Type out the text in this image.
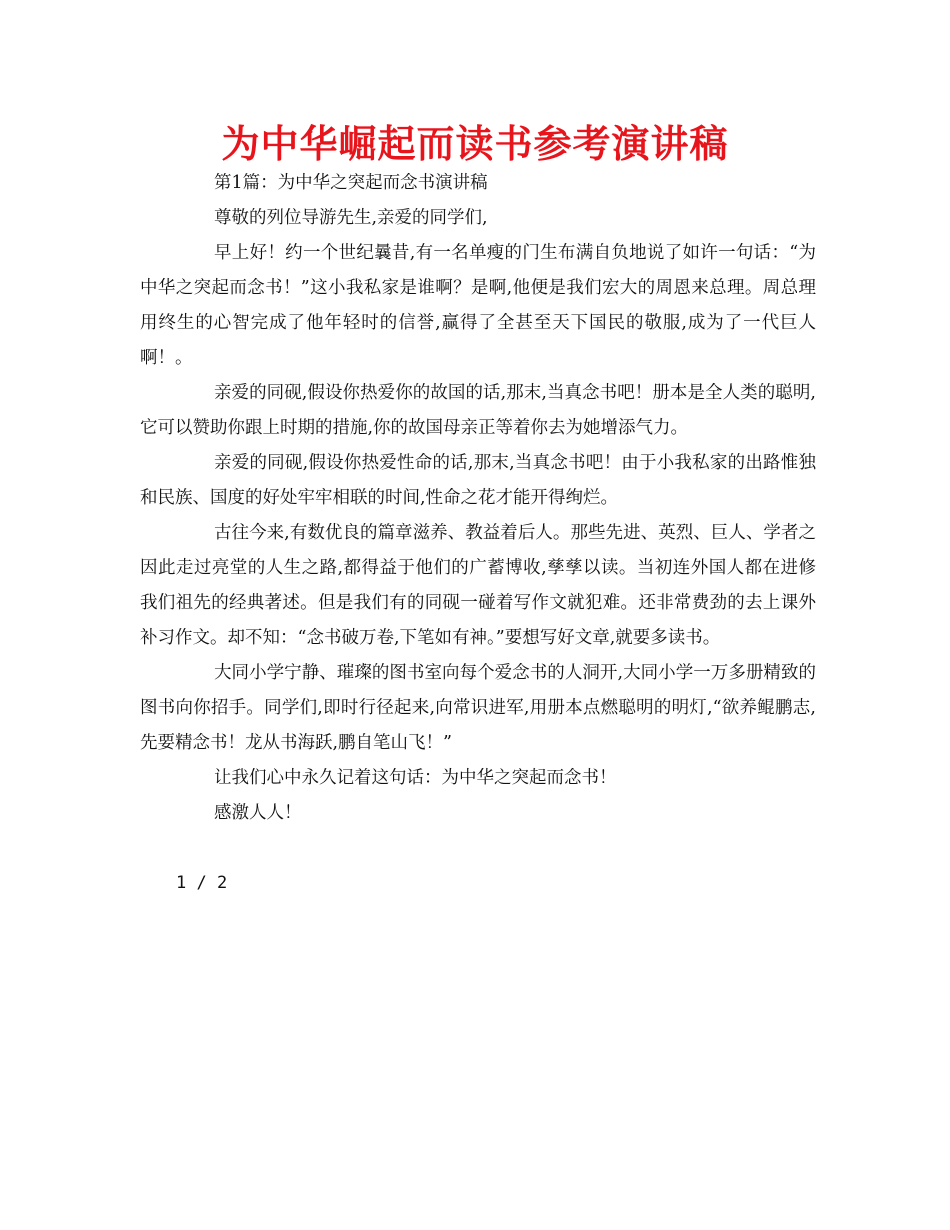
为中华崛起而读书参考演讲稿

第1篇：为中华之突起而念书演讲稿

尊敬的列位导游先生,亲爱的同学们,

早上好！约一个世纪曩昔,有一名单瘦的门生布满自负地说了如许一句话：“为中华之突起而念书！”这小我私家是谁啊？是啊,他便是我们宏大的周恩来总理。周总理用终生的心智完成了他年轻时的信誉,赢得了全甚至天下国民的敬服,成为了一代巨人啊！。

亲爱的同砚,假设你热爱你的故国的话,那末,当真念书吧！册本是全人类的聪明,它可以赞助你跟上时期的措施,你的故国母亲正等着你去为她增添气力。

亲爱的同砚,假设你热爱性命的话,那末,当真念书吧！由于小我私家的出路惟独和民族、国度的好处牢牢相联的时间,性命之花才能开得绚烂。

古往今来,有数优良的篇章滋养、教益着后人。那些先进、英烈、巨人、学者之因此走过亮堂的人生之路,都得益于他们的广蓄博收,孳孳以读。当初连外国人都在进修我们祖先的经典著述。但是我们有的同砚一碰着写作文就犯难。还非常费劲的去上课外补习作文。却不知：“念书破万卷,下笔如有神。”要想写好文章,就要多读书。

大同小学宁静、璀璨的图书室向每个爱念书的人洞开,大同小学一万多册精致的图书向你招手。同学们,即时行径起来,向常识进军,用册本点燃聪明的明灯,“欲养鲲鹏志,先要精念书！龙从书海跃,鹏自笔山飞！”

让我们心中永久记着这句话：为中华之突起而念书！

感激人人！

1 / 2
